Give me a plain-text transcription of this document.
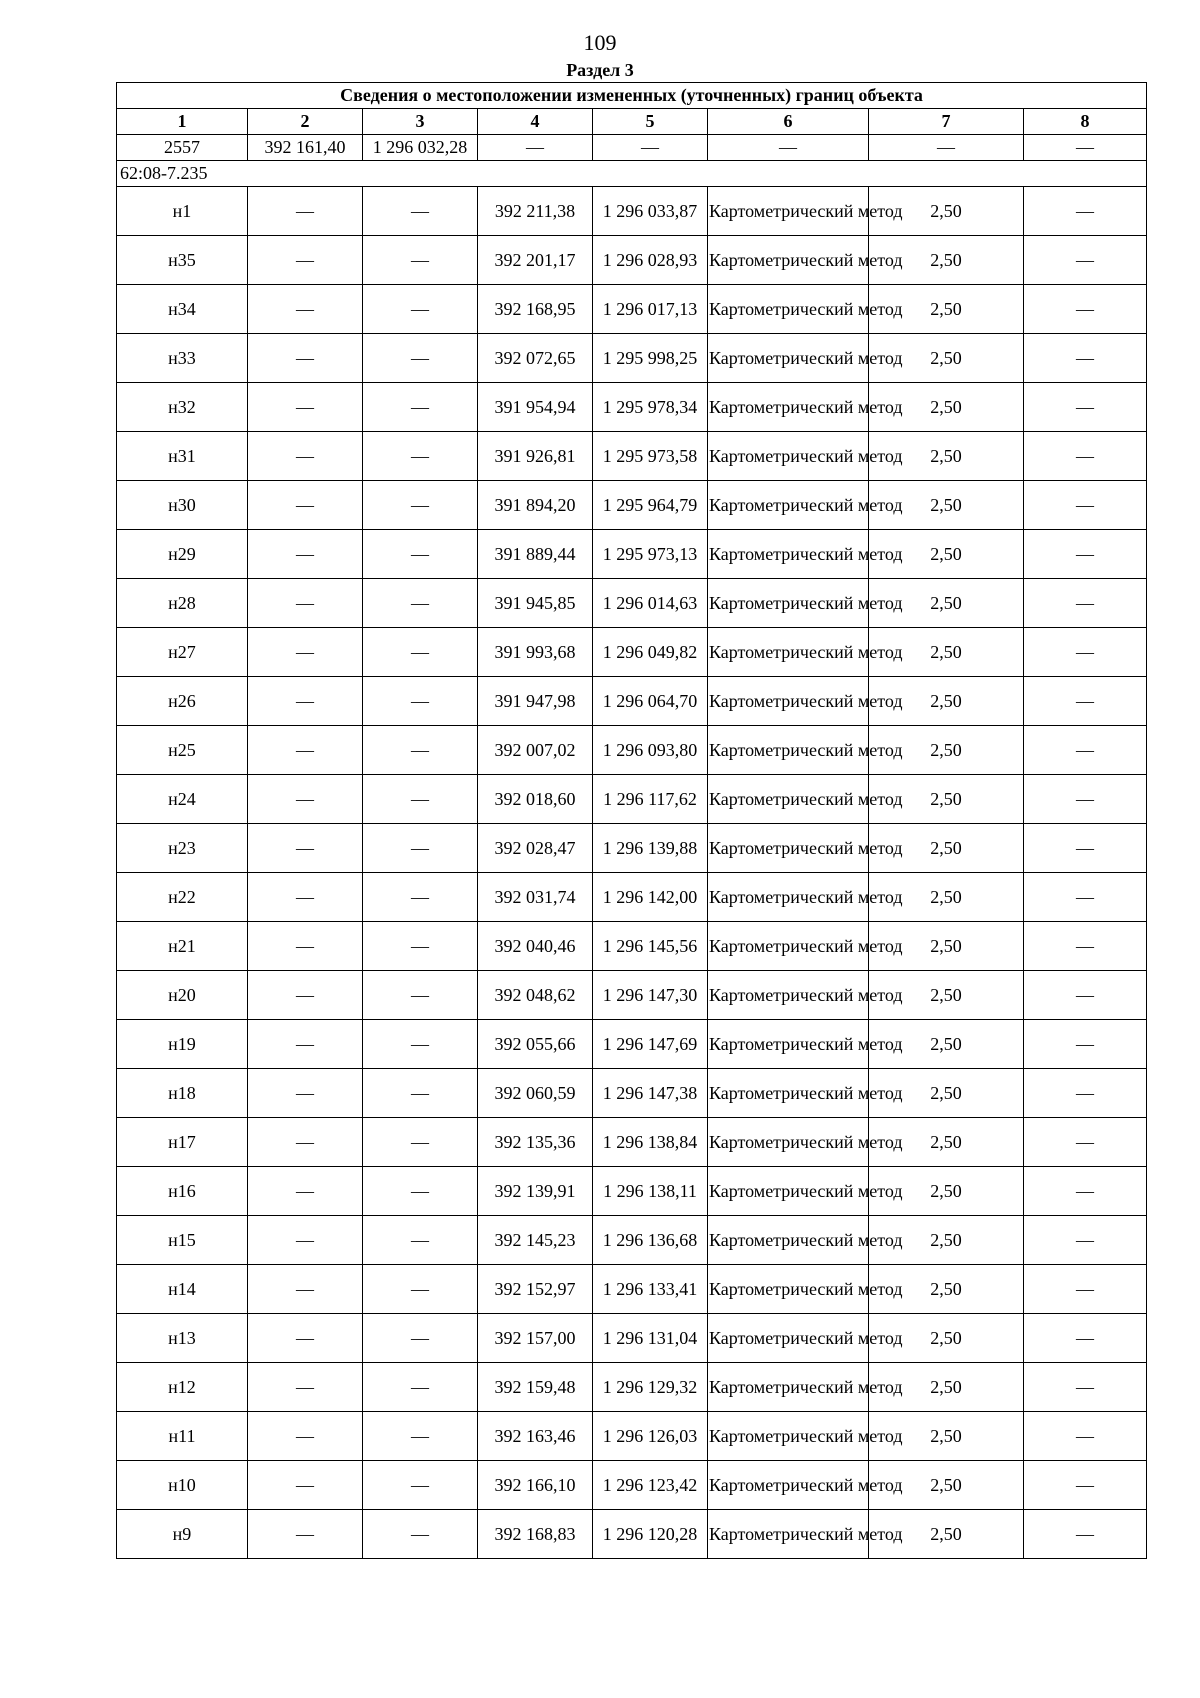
109
Раздел 3
Сведения о местоположении измененных (уточненных) границ объекта							
1	2	3	4	5	6	7	8
2557	392 161,40	1 296 032,28	—	—	—	—	—
62:08-7.235							
н1	—	—	392 211,38	1 296 033,87	Картометрический метод	2,50	—
н35	—	—	392 201,17	1 296 028,93	Картометрический метод	2,50	—
н34	—	—	392 168,95	1 296 017,13	Картометрический метод	2,50	—
н33	—	—	392 072,65	1 295 998,25	Картометрический метод	2,50	—
н32	—	—	391 954,94	1 295 978,34	Картометрический метод	2,50	—
н31	—	—	391 926,81	1 295 973,58	Картометрический метод	2,50	—
н30	—	—	391 894,20	1 295 964,79	Картометрический метод	2,50	—
н29	—	—	391 889,44	1 295 973,13	Картометрический метод	2,50	—
н28	—	—	391 945,85	1 296 014,63	Картометрический метод	2,50	—
н27	—	—	391 993,68	1 296 049,82	Картометрический метод	2,50	—
н26	—	—	391 947,98	1 296 064,70	Картометрический метод	2,50	—
н25	—	—	392 007,02	1 296 093,80	Картометрический метод	2,50	—
н24	—	—	392 018,60	1 296 117,62	Картометрический метод	2,50	—
н23	—	—	392 028,47	1 296 139,88	Картометрический метод	2,50	—
н22	—	—	392 031,74	1 296 142,00	Картометрический метод	2,50	—
н21	—	—	392 040,46	1 296 145,56	Картометрический метод	2,50	—
н20	—	—	392 048,62	1 296 147,30	Картометрический метод	2,50	—
н19	—	—	392 055,66	1 296 147,69	Картометрический метод	2,50	—
н18	—	—	392 060,59	1 296 147,38	Картометрический метод	2,50	—
н17	—	—	392 135,36	1 296 138,84	Картометрический метод	2,50	—
н16	—	—	392 139,91	1 296 138,11	Картометрический метод	2,50	—
н15	—	—	392 145,23	1 296 136,68	Картометрический метод	2,50	—
н14	—	—	392 152,97	1 296 133,41	Картометрический метод	2,50	—
н13	—	—	392 157,00	1 296 131,04	Картометрический метод	2,50	—
н12	—	—	392 159,48	1 296 129,32	Картометрический метод	2,50	—
н11	—	—	392 163,46	1 296 126,03	Картометрический метод	2,50	—
н10	—	—	392 166,10	1 296 123,42	Картометрический метод	2,50	—
н9	—	—	392 168,83	1 296 120,28	Картометрический метод	2,50	—
